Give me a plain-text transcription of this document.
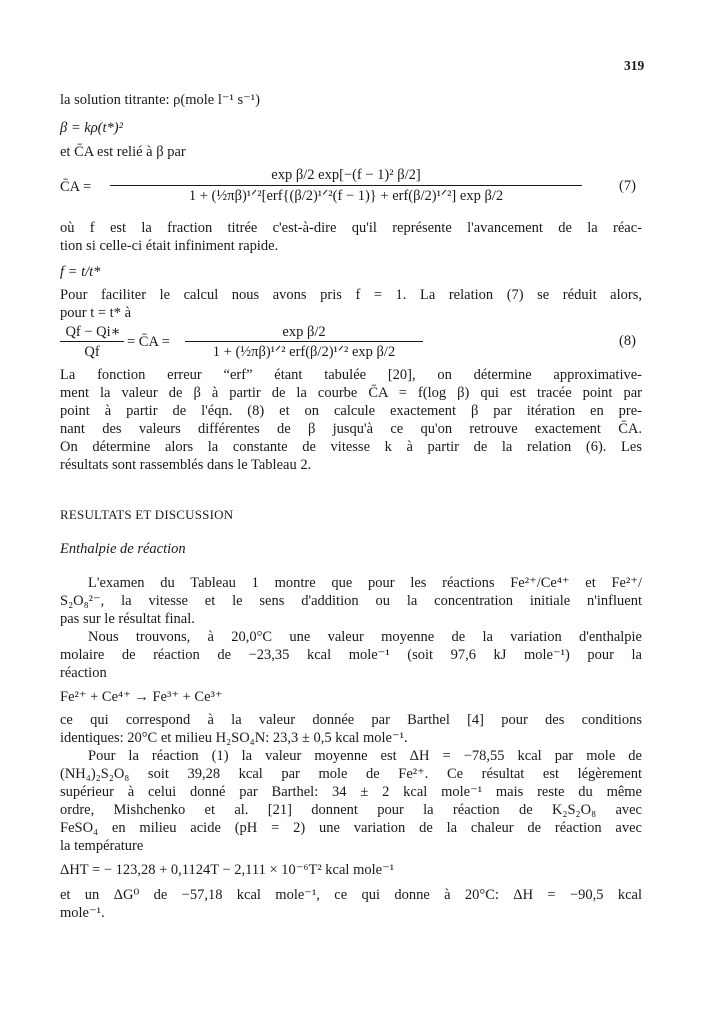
319
la solution titrante: ρ(mole l⁻¹ s⁻¹)
β = kρ(t*)²
et C̄A est relié à β par
C̄A =
exp β/2 exp[−(f − 1)² β/2]
1 + (½πβ)¹ᐟ²[erf{(β/2)¹ᐟ²(f − 1)} + erf(β/2)¹ᐟ²] exp β/2
(7)
où f est la fraction titrée c'est-à-dire qu'il représente l'avancement de la réac-
tion si celle-ci était infiniment rapide.
f = t/t*
Pour faciliter le calcul nous avons pris f = 1. La relation (7) se réduit alors,
pour t = t* à
Qf − Qi∗
Qf
= C̄A =
exp β/2
1 + (½πβ)¹ᐟ² erf(β/2)¹ᐟ² exp β/2
(8)
La fonction erreur “erf” étant tabulée [20], on détermine approximative-
ment la valeur de β à partir de la courbe C̄A = f(log β) qui est tracée point par
point à partir de l'éqn. (8) et on calcule exactement β par itération en pre-
nant des valeurs différentes de β jusqu'à ce qu'on retrouve exactement C̄A.
On détermine alors la constante de vitesse k à partir de la relation (6). Les
résultats sont rassemblés dans le Tableau 2.
RESULTATS ET DISCUSSION
Enthalpie de réaction
L'examen du Tableau 1 montre que pour les réactions Fe²⁺/Ce⁴⁺ et Fe²⁺/
S₂O₈²⁻, la vitesse et le sens d'addition ou la concentration initiale n'influent
pas sur le résultat final.
Nous trouvons, à 20,0°C une valeur moyenne de la variation d'enthalpie
molaire de réaction de −23,35 kcal mole⁻¹ (soit 97,6 kJ mole⁻¹) pour la
réaction
Fe²⁺ + Ce⁴⁺ → Fe³⁺ + Ce³⁺
ce qui correspond à la valeur donnée par Barthel [4] pour des conditions
identiques: 20°C et milieu H₂SO₄N: 23,3 ± 0,5 kcal mole⁻¹.
Pour la réaction (1) la valeur moyenne est ΔH = −78,55 kcal par mole de
(NH₄)₂S₂O₈ soit 39,28 kcal par mole de Fe²⁺. Ce résultat est légèrement
supérieur à celui donné par Barthel: 34 ± 2 kcal mole⁻¹ mais reste du même
ordre, Mishchenko et al. [21] donnent pour la réaction de K₂S₂O₈ avec
FeSO₄ en milieu acide (pH = 2) une variation de la chaleur de réaction avec
la température
ΔHT = − 123,28 + 0,1124T − 2,111 × 10⁻⁶T² kcal mole⁻¹
et un ΔG⁰ de −57,18 kcal mole⁻¹, ce qui donne à 20°C: ΔH = −90,5 kcal
mole⁻¹.
